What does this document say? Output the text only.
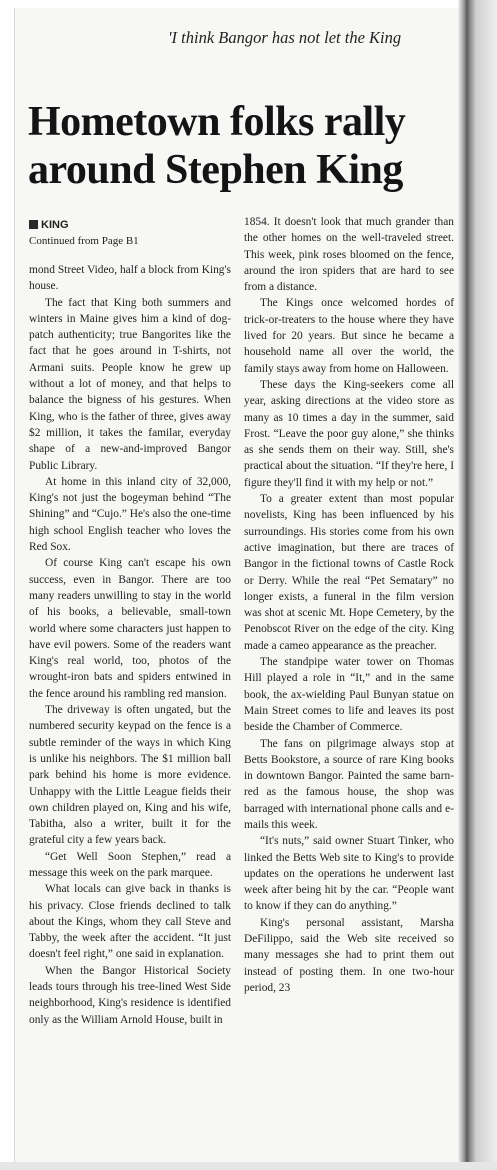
'I think Bangor has not let the King
Hometown folks rally
around Stephen King
KING
Continued from Page B1

mond Street Video, half a block from King's house.

The fact that King both summers and winters in Maine gives him a kind of dog-patch authenticity; true Bangorites like the fact that he goes around in T-shirts, not Armani suits. People know he grew up without a lot of money, and that helps to balance the bigness of his gestures. When King, who is the father of three, gives away $2 million, it takes the familar, everyday shape of a new-and-improved Bangor Public Library.

At home in this inland city of 32,000, King's not just the bogeyman behind “The Shining” and “Cujo.” He's also the one-time high school English teacher who loves the Red Sox.

Of course King can't escape his own success, even in Bangor. There are too many readers unwilling to stay in the world of his books, a believable, small-town world where some characters just happen to have evil powers. Some of the readers want King's real world, too, photos of the wrought-iron bats and spiders entwined in the fence around his rambling red mansion.

The driveway is often ungated, but the numbered security keypad on the fence is a subtle reminder of the ways in which King is unlike his neighbors. The $1 million ball park behind his home is more evidence. Unhappy with the Little League fields their own children played on, King and his wife, Tabitha, also a writer, built it for the grateful city a few years back.

“Get Well Soon Stephen,” read a message this week on the park marquee.

What locals can give back in thanks is his privacy. Close friends declined to talk about the Kings, whom they call Steve and Tabby, the week after the accident. “It just doesn't feel right,” one said in explanation.

When the Bangor Historical Society leads tours through his tree-lined West Side neighborhood, King's residence is identified only as the William Arnold House, built in

1854. It doesn't look that much grander than the other homes on the well-traveled street. This week, pink roses bloomed on the fence, around the iron spiders that are hard to see from a distance.

The Kings once welcomed hordes of trick-or-treaters to the house where they have lived for 20 years. But since he became a household name all over the world, the family stays away from home on Halloween.

These days the King-seekers come all year, asking directions at the video store as many as 10 times a day in the summer, said Frost. “Leave the poor guy alone,” she thinks as she sends them on their way. Still, she's practical about the situation. “If they're here, I figure they'll find it with my help or not.”

To a greater extent than most popular novelists, King has been influenced by his surroundings. His stories come from his own active imagination, but there are traces of Bangor in the fictional towns of Castle Rock or Derry. While the real “Pet Sematary” no longer exists, a funeral in the film version was shot at scenic Mt. Hope Cemetery, by the Penobscot River on the edge of the city. King made a cameo appearance as the preacher.

The standpipe water tower on Thomas Hill played a role in “It,” and in the same book, the ax-wielding Paul Bunyan statue on Main Street comes to life and leaves its post beside the Chamber of Commerce.

The fans on pilgrimage always stop at Betts Bookstore, a source of rare King books in downtown Bangor. Painted the same barn-red as the famous house, the shop was barraged with international phone calls and e-mails this week.

“It's nuts,” said owner Stuart Tinker, who linked the Betts Web site to King's to provide updates on the operations he underwent last week after being hit by the car. “People want to know if they can do anything.”

King's personal assistant, Marsha DeFilippo, said the Web site received so many messages she had to print them out instead of posting them. In one two-hour period, 23
